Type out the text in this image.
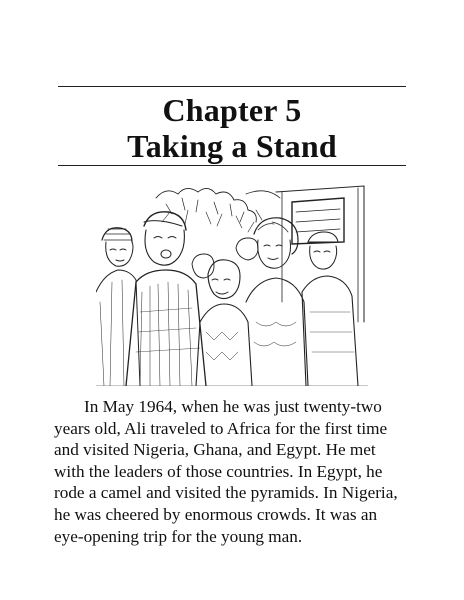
Chapter 5
Taking a Stand

In May 1964, when he was just twenty-two
years old, Ali traveled to Africa for the first time
and visited Nigeria, Ghana, and Egypt. He met
with the leaders of those countries. In Egypt, he
rode a camel and visited the pyramids. In Nigeria,
he was cheered by enormous crowds. It was an
eye-opening trip for the young man.
